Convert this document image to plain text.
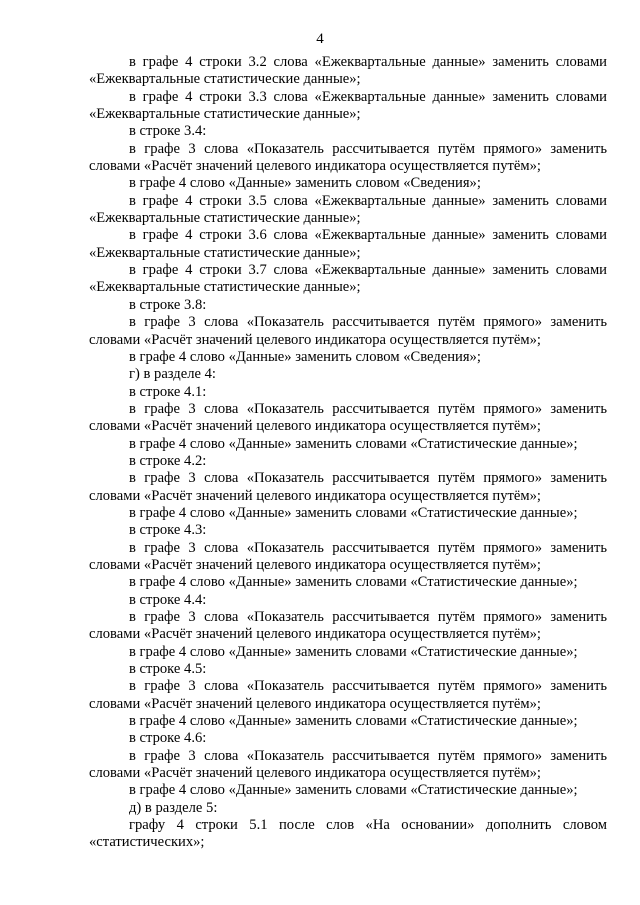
4

в графе 4 строки 3.2 слова «Ежеквартальные данные» заменить словами «Ежеквартальные статистические данные»;

в графе 4 строки 3.3 слова «Ежеквартальные данные» заменить словами «Ежеквартальные статистические данные»;

в строке 3.4:

в графе 3 слова «Показатель рассчитывается путём прямого» заменить словами «Расчёт значений целевого индикатора осуществляется путём»;

в графе 4 слово «Данные» заменить словом «Сведения»;

в графе 4 строки 3.5 слова «Ежеквартальные данные» заменить словами «Ежеквартальные статистические данные»;

в графе 4 строки 3.6 слова «Ежеквартальные данные» заменить словами «Ежеквартальные статистические данные»;

в графе 4 строки 3.7 слова «Ежеквартальные данные» заменить словами «Ежеквартальные статистические данные»;

в строке 3.8:

в графе 3 слова «Показатель рассчитывается путём прямого» заменить словами «Расчёт значений целевого индикатора осуществляется путём»;

в графе 4 слово «Данные» заменить словом «Сведения»;

г) в разделе 4:

в строке 4.1:

в графе 3 слова «Показатель рассчитывается путём прямого» заменить словами «Расчёт значений целевого индикатора осуществляется путём»;

в графе 4 слово «Данные» заменить словами «Статистические данные»;

в строке 4.2:

в графе 3 слова «Показатель рассчитывается путём прямого» заменить словами «Расчёт значений целевого индикатора осуществляется путём»;

в графе 4 слово «Данные» заменить словами «Статистические данные»;

в строке 4.3:

в графе 3 слова «Показатель рассчитывается путём прямого» заменить словами «Расчёт значений целевого индикатора осуществляется путём»;

в графе 4 слово «Данные» заменить словами «Статистические данные»;

в строке 4.4:

в графе 3 слова «Показатель рассчитывается путём прямого» заменить словами «Расчёт значений целевого индикатора осуществляется путём»;

в графе 4 слово «Данные» заменить словами «Статистические данные»;

в строке 4.5:

в графе 3 слова «Показатель рассчитывается путём прямого» заменить словами «Расчёт значений целевого индикатора осуществляется путём»;

в графе 4 слово «Данные» заменить словами «Статистические данные»;

в строке 4.6:

в графе 3 слова «Показатель рассчитывается путём прямого» заменить словами «Расчёт значений целевого индикатора осуществляется путём»;

в графе 4 слово «Данные» заменить словами «Статистические данные»;

д) в разделе 5:

графу 4 строки 5.1 после слов «На основании» дополнить словом «статистических»;
